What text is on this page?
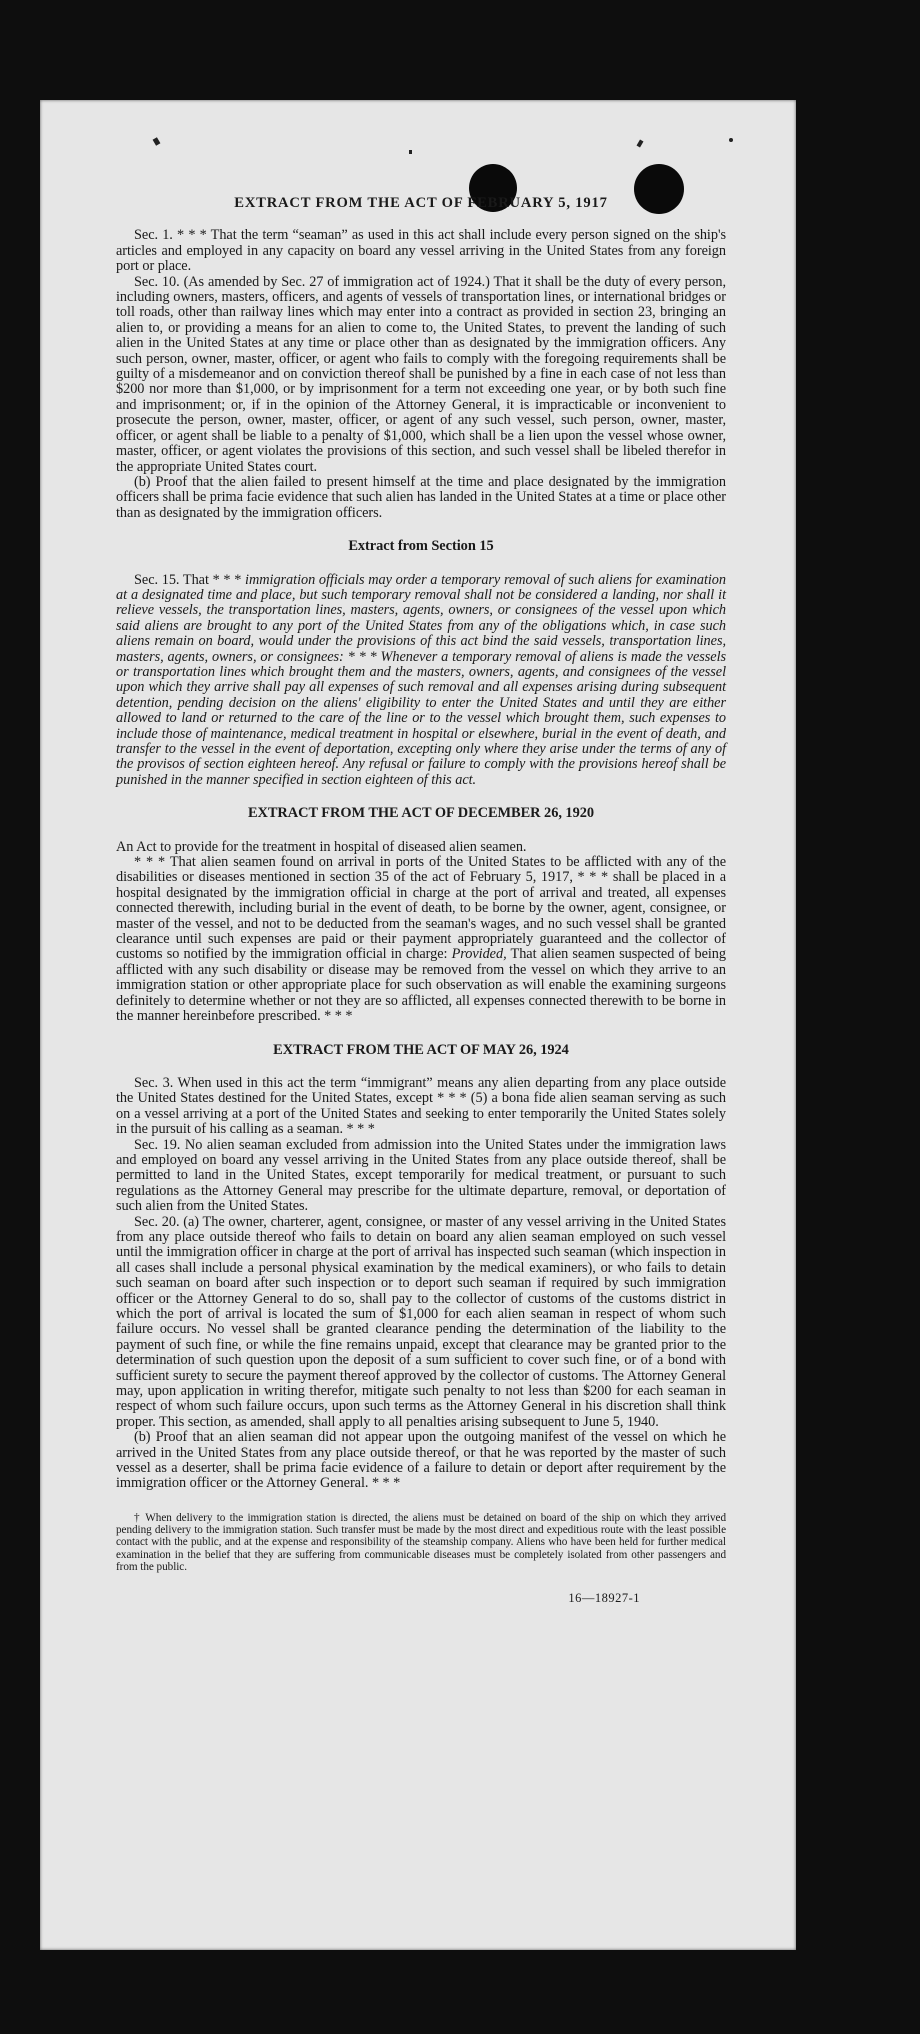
EXTRACT FROM THE ACT OF FEBRUARY 5, 1917

Sec. 1. * * * That the term “seaman” as used in this act shall include every person signed on the ship's articles and employed in any capacity on board any vessel arriving in the United States from any foreign port or place.

Sec. 10. (As amended by Sec. 27 of immigration act of 1924.) That it shall be the duty of every person, including owners, masters, officers, and agents of vessels of transportation lines, or international bridges or toll roads, other than railway lines which may enter into a contract as provided in section 23, bringing an alien to, or providing a means for an alien to come to, the United States, to prevent the landing of such alien in the United States at any time or place other than as designated by the immigration officers. Any such person, owner, master, officer, or agent who fails to comply with the foregoing requirements shall be guilty of a misdemeanor and on conviction thereof shall be punished by a fine in each case of not less than $200 nor more than $1,000, or by imprisonment for a term not exceeding one year, or by both such fine and imprisonment; or, if in the opinion of the Attorney General, it is impracticable or inconvenient to prosecute the person, owner, master, officer, or agent of any such vessel, such person, owner, master, officer, or agent shall be liable to a penalty of $1,000, which shall be a lien upon the vessel whose owner, master, officer, or agent violates the provisions of this section, and such vessel shall be libeled therefor in the appropriate United States court.

(b) Proof that the alien failed to present himself at the time and place designated by the immigration officers shall be prima facie evidence that such alien has landed in the United States at a time or place other than as designated by the immigration officers.

Extract from Section 15

Sec. 15. That * * * immigration officials may order a temporary removal of such aliens for examination at a designated time and place, but such temporary removal shall not be considered a landing, nor shall it relieve vessels, the transportation lines, masters, agents, owners, or consignees of the vessel upon which said aliens are brought to any port of the United States from any of the obligations which, in case such aliens remain on board, would under the provisions of this act bind the said vessels, transportation lines, masters, agents, owners, or consignees: * * * Whenever a temporary removal of aliens is made the vessels or transportation lines which brought them and the masters, owners, agents, and consignees of the vessel upon which they arrive shall pay all expenses of such removal and all expenses arising during subsequent detention, pending decision on the aliens' eligibility to enter the United States and until they are either allowed to land or returned to the care of the line or to the vessel which brought them, such expenses to include those of maintenance, medical treatment in hospital or elsewhere, burial in the event of death, and transfer to the vessel in the event of deportation, excepting only where they arise under the terms of any of the provisos of section eighteen hereof. Any refusal or failure to comply with the provisions hereof shall be punished in the manner specified in section eighteen of this act.

EXTRACT FROM THE ACT OF DECEMBER 26, 1920

An Act to provide for the treatment in hospital of diseased alien seamen.

* * * That alien seamen found on arrival in ports of the United States to be afflicted with any of the disabilities or diseases mentioned in section 35 of the act of February 5, 1917, * * * shall be placed in a hospital designated by the immigration official in charge at the port of arrival and treated, all expenses connected therewith, including burial in the event of death, to be borne by the owner, agent, consignee, or master of the vessel, and not to be deducted from the seaman's wages, and no such vessel shall be granted clearance until such expenses are paid or their payment appropriately guaranteed and the collector of customs so notified by the immigration official in charge: Provided, That alien seamen suspected of being afflicted with any such disability or disease may be removed from the vessel on which they arrive to an immigration station or other appropriate place for such observation as will enable the examining surgeons definitely to determine whether or not they are so afflicted, all expenses connected therewith to be borne in the manner hereinbefore prescribed. * * *

EXTRACT FROM THE ACT OF MAY 26, 1924

Sec. 3. When used in this act the term “immigrant” means any alien departing from any place outside the United States destined for the United States, except * * * (5) a bona fide alien seaman serving as such on a vessel arriving at a port of the United States and seeking to enter temporarily the United States solely in the pursuit of his calling as a seaman. * * *

Sec. 19. No alien seaman excluded from admission into the United States under the immigration laws and employed on board any vessel arriving in the United States from any place outside thereof, shall be permitted to land in the United States, except temporarily for medical treatment, or pursuant to such regulations as the Attorney General may prescribe for the ultimate departure, removal, or deportation of such alien from the United States.

Sec. 20. (a) The owner, charterer, agent, consignee, or master of any vessel arriving in the United States from any place outside thereof who fails to detain on board any alien seaman employed on such vessel until the immigration officer in charge at the port of arrival has inspected such seaman (which inspection in all cases shall include a personal physical examination by the medical examiners), or who fails to detain such seaman on board after such inspection or to deport such seaman if required by such immigration officer or the Attorney General to do so, shall pay to the collector of customs of the customs district in which the port of arrival is located the sum of $1,000 for each alien seaman in respect of whom such failure occurs. No vessel shall be granted clearance pending the determination of the liability to the payment of such fine, or while the fine remains unpaid, except that clearance may be granted prior to the determination of such question upon the deposit of a sum sufficient to cover such fine, or of a bond with sufficient surety to secure the payment thereof approved by the collector of customs. The Attorney General may, upon application in writing therefor, mitigate such penalty to not less than $200 for each seaman in respect of whom such failure occurs, upon such terms as the Attorney General in his discretion shall think proper. This section, as amended, shall apply to all penalties arising subsequent to June 5, 1940.

(b) Proof that an alien seaman did not appear upon the outgoing manifest of the vessel on which he arrived in the United States from any place outside thereof, or that he was reported by the master of such vessel as a deserter, shall be prima facie evidence of a failure to detain or deport after requirement by the immigration officer or the Attorney General. * * *

† When delivery to the immigration station is directed, the aliens must be detained on board of the ship on which they arrived pending delivery to the immigration station. Such transfer must be made by the most direct and expeditious route with the least possible contact with the public, and at the expense and responsibility of the steamship company. Aliens who have been held for further medical examination in the belief that they are suffering from communicable diseases must be completely isolated from other passengers and from the public.

16—18927-1
